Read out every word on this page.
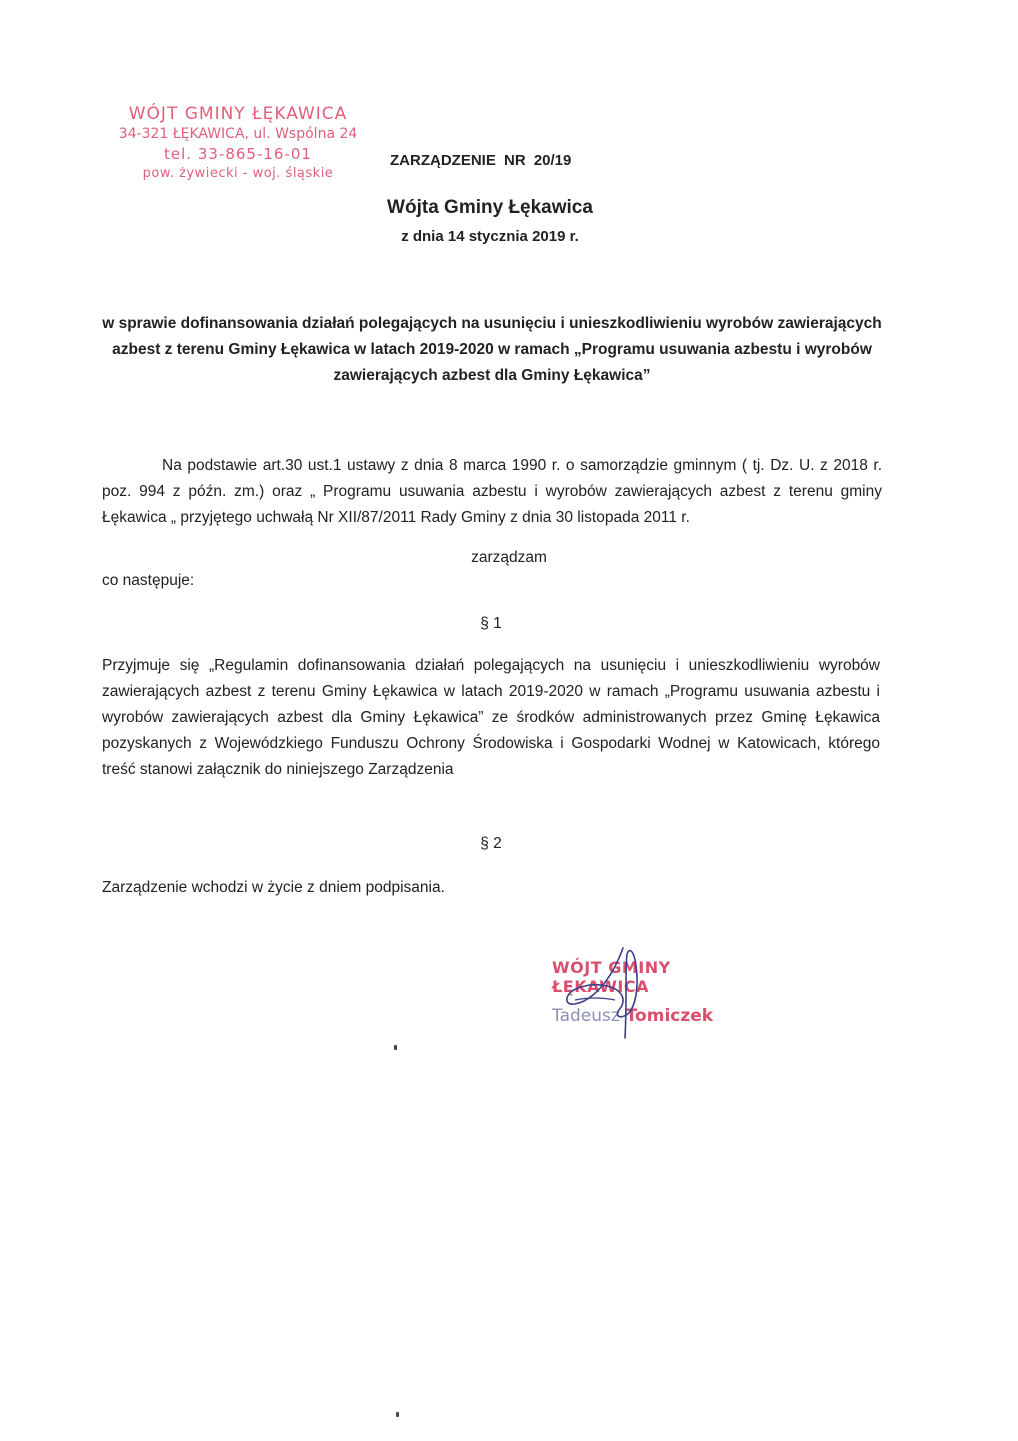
WÓJT GMINY ŁĘKAWICA
34-321 ŁĘKAWICA, ul. Wspólna 24
tel. 33-865-16-01
pow. żywiecki - woj. śląskie
ZARZĄDZENIE NR 20/19
Wójta Gminy Łękawica
z dnia 14 stycznia 2019 r.
w sprawie dofinansowania działań polegających na usunięciu i unieszkodliwieniu wyrobów zawierających azbest z terenu Gminy Łękawica w latach 2019-2020 w ramach „Programu usuwania azbestu i wyrobów zawierających azbest dla Gminy Łękawica”
Na podstawie art.30 ust.1 ustawy z dnia 8 marca 1990 r. o samorządzie gminnym ( tj. Dz. U. z 2018 r. poz. 994 z późn. zm.) oraz „ Programu usuwania azbestu i wyrobów zawierających azbest z terenu gminy Łękawica „ przyjętego uchwałą Nr XII/87/2011 Rady Gminy z dnia 30 listopada 2011 r.
zarządzam
co następuje:
§ 1
Przyjmuje się „Regulamin dofinansowania działań polegających na usunięciu i unieszkodliwieniu wyrobów zawierających azbest z terenu Gminy Łękawica w latach 2019-2020 w ramach „Programu usuwania azbestu i wyrobów zawierających azbest dla Gminy Łękawica” ze środków administrowanych przez Gminę Łękawica pozyskanych z Wojewódzkiego Funduszu Ochrony Środowiska i Gospodarki Wodnej w Katowicach, którego treść stanowi załącznik do niniejszego Zarządzenia
§ 2
Zarządzenie wchodzi w życie z dniem podpisania.
WÓJT GMINY ŁĘKAWICA
Tadeusz Tomiczek
